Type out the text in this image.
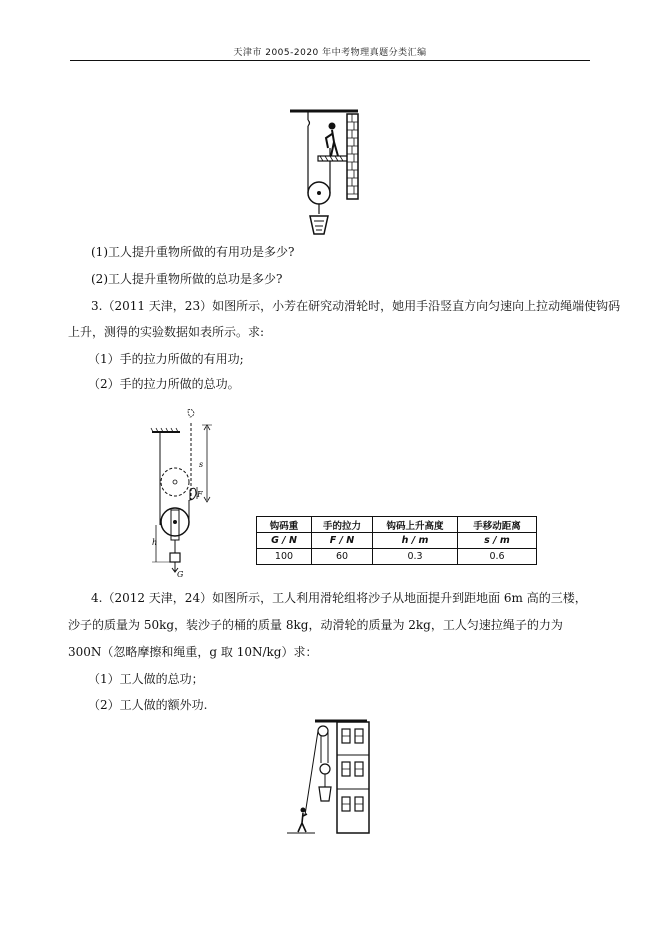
天津市 2005-2020 年中考物理真题分类汇编
(1)工人提升重物所做的有用功是多少?
(2)工人提升重物所做的总功是多少?
3.（2011 天津，23）如图所示，小芳在研究动滑轮时，她用手沿竖直方向匀速向上拉动绳端使钩码
上升，测得的实验数据如表所示。求:
（1）手的拉力所做的有用功;
（2）手的拉力所做的总功。
s
F
h
G
钩码重	手的拉力	钩码上升高度	手移动距离
G / N	F / N	h / m	s / m
100	60	0.3	0.6
4.（2012 天津，24）如图所示，工人利用滑轮组将沙子从地面提升到距地面 6m 高的三楼，沙子的质量为 50kg，装沙子的桶的质量 8kg，动滑轮的质量为 2kg，工人匀速拉绳子的力为 300N（忽略摩擦和绳重，g 取 10N/kg）求：
（1）工人做的总功；
（2）工人做的额外功.
